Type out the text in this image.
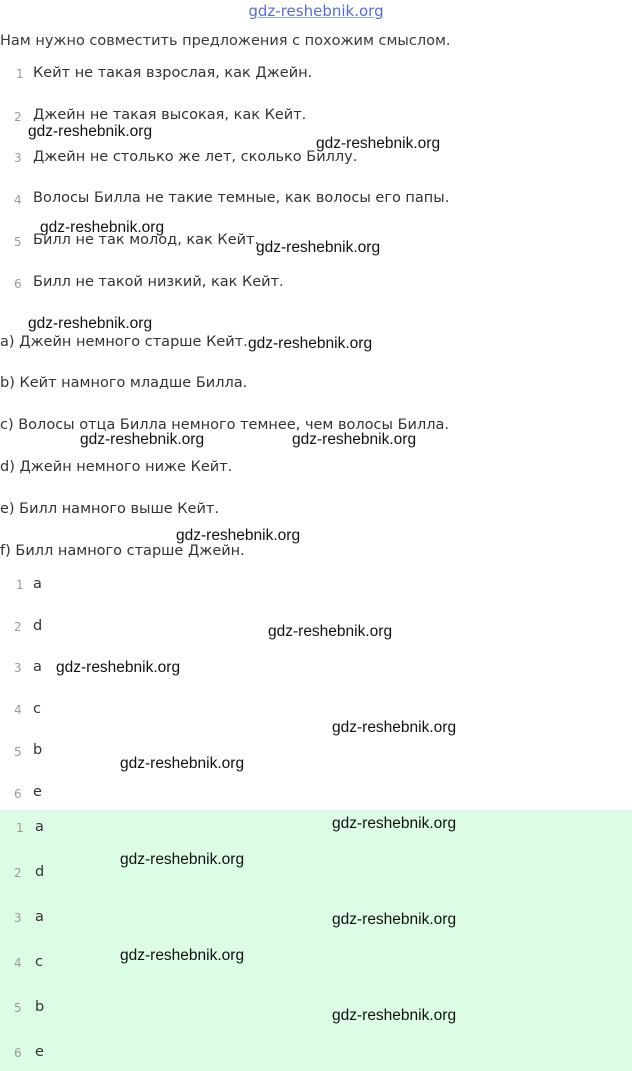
gdz-reshebnik.org
Нам нужно совместить предложения с похожим смыслом.
1 Кейт не такая взрослая, как Джейн.
2 Джейн не такая высокая, как Кейт.
3 Джейн не столько же лет, сколько Биллу.
4 Волосы Билла не такие темные, как волосы его папы.
5 Билл не так молод, как Кейт.
6 Билл не такой низкий, как Кейт.
a) Джейн немного старше Кейт.
b) Кейт намного младше Билла.
c) Волосы отца Билла немного темнее, чем волосы Билла.
d) Джейн немного ниже Кейт.
e) Билл намного выше Кейт.
f) Билл намного старше Джейн.
1 a
2 d
3 a
4 c
5 b
6 e
1 a
2 d
3 a
4 c
5 b
6 e
gdz-reshebnik.org
gdz-reshebnik.org
gdz-reshebnik.org
gdz-reshebnik.org
gdz-reshebnik.org
gdz-reshebnik.org
gdz-reshebnik.org	gdz-reshebnik.org
gdz-reshebnik.org
gdz-reshebnik.org
gdz-reshebnik.org
gdz-reshebnik.org
gdz-reshebnik.org
gdz-reshebnik.org
gdz-reshebnik.org
gdz-reshebnik.org
gdz-reshebnik.org
gdz-reshebnik.org
